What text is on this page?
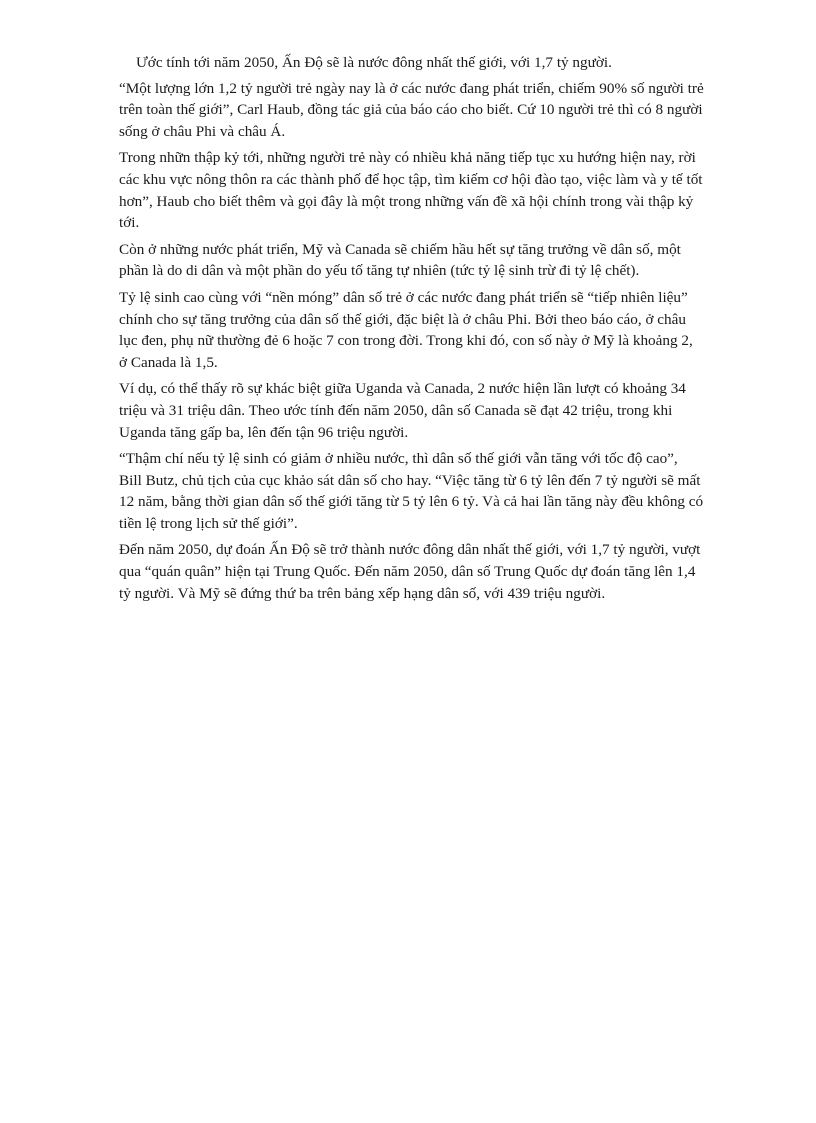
Ước tính tới năm 2050, Ấn Độ sẽ là nước đông nhất thế giới, với 1,7 tỷ người.

“Một lượng lớn 1,2 tỷ người trẻ ngày nay là ở các nước đang phát triển, chiếm 90% số người trẻ trên toàn thế giới”, Carl Haub, đồng tác giả của báo cáo cho biết. Cứ 10 người trẻ thì có 8 người sống ở châu Phi và châu Á.

Trong nhữn thập kỷ tới, những người trẻ này có nhiều khả năng tiếp tục xu hướng hiện nay, rời các khu vực nông thôn ra các thành phố để học tập, tìm kiếm cơ hội đào tạo, việc làm và y tế tốt hơn”, Haub cho biết thêm và gọi đây là một trong những vấn đề xã hội chính trong vài thập kỷ tới.

Còn ở những nước phát triển, Mỹ và Canada sẽ chiếm hầu hết sự tăng trưởng về dân số, một phần là do di dân và một phần do yếu tố tăng tự nhiên (tức tỷ lệ sinh trừ đi tỷ lệ chết).

Tỷ lệ sinh cao cùng với “nền móng” dân số trẻ ở các nước đang phát triển sẽ “tiếp nhiên liệu” chính cho sự tăng trưởng của dân số thế giới, đặc biệt là ở châu Phi. Bởi theo báo cáo, ở châu lục đen, phụ nữ thường đẻ 6 hoặc 7 con trong đời. Trong khi đó, con số này ở Mỹ là khoảng 2, ở Canada là 1,5.

Ví dụ, có thể thấy rõ sự khác biệt giữa Uganda và Canada, 2 nước hiện lần lượt có khoảng 34 triệu và 31 triệu dân. Theo ước tính đến năm 2050, dân số Canada sẽ đạt 42 triệu, trong khi Uganda tăng gấp ba, lên đến tận 96 triệu người.

“Thậm chí nếu tỷ lệ sinh có giảm ở nhiều nước, thì dân số thế giới vẫn tăng với tốc độ cao”, Bill Butz, chủ tịch của cục khảo sát dân số cho hay. “Việc tăng từ 6 tỷ lên đến 7 tỷ người sẽ mất 12 năm, bằng thời gian dân số thế giới tăng từ 5 tỷ lên 6 tỷ. Và cả hai lần tăng này đều không có tiền lệ trong lịch sử thế giới”.

Đến năm 2050, dự đoán Ấn Độ sẽ trở thành nước đông dân nhất thế giới, với 1,7 tỷ người, vượt qua “quán quân” hiện tại Trung Quốc. Đến năm 2050, dân số Trung Quốc dự đoán tăng lên 1,4 tỷ người. Và Mỹ sẽ đứng thứ ba trên bảng xếp hạng dân số, với 439 triệu người.
